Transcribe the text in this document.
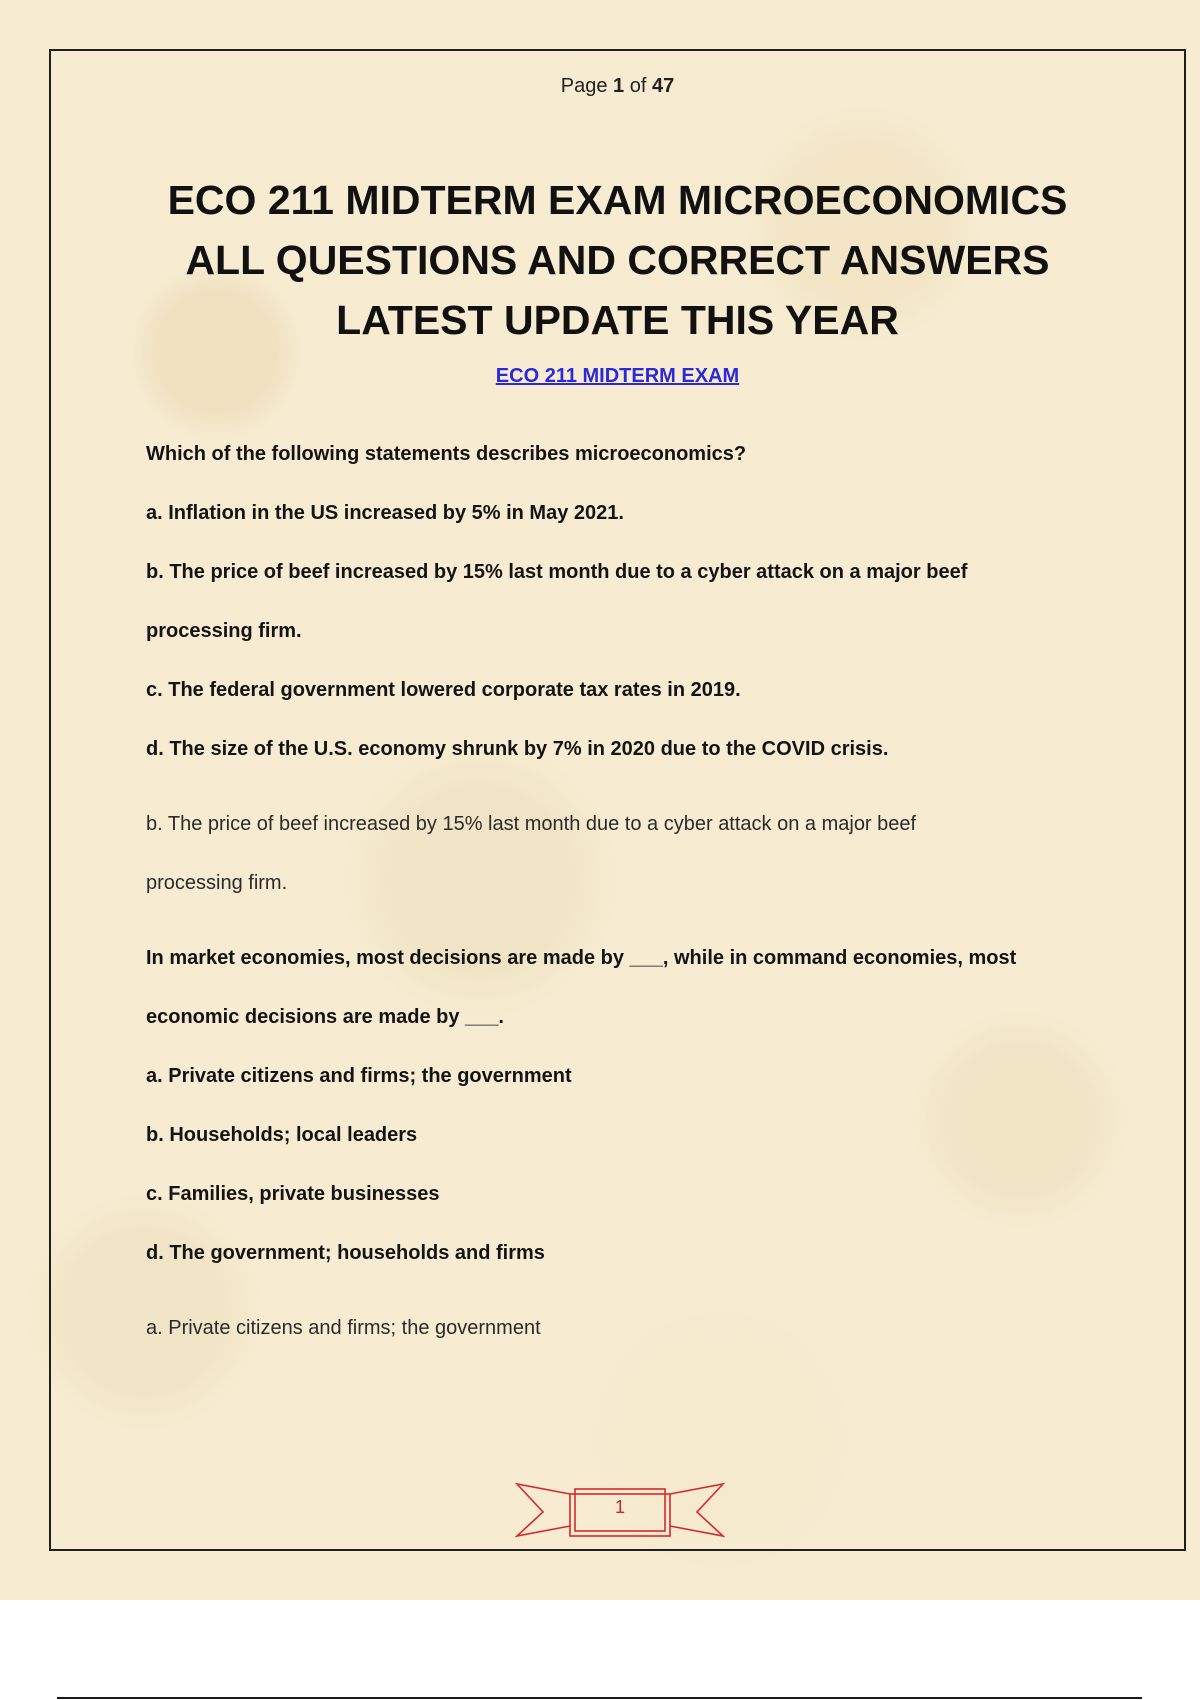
Page 1 of 47
ECO 211 MIDTERM EXAM MICROECONOMICS
ALL QUESTIONS AND CORRECT ANSWERS
LATEST UPDATE THIS YEAR
ECO 211 MIDTERM EXAM
Which of the following statements describes microeconomics?
a. Inflation in the US increased by 5% in May 2021.
b. The price of beef increased by 15% last month due to a cyber attack on a major beef
processing firm.
c. The federal government lowered corporate tax rates in 2019.
d. The size of the U.S. economy shrunk by 7% in 2020 due to the COVID crisis.
b. The price of beef increased by 15% last month due to a cyber attack on a major beef
processing firm.
In market economies, most decisions are made by ___, while in command economies, most
economic decisions are made by ___.
a. Private citizens and firms; the government
b. Households; local leaders
c. Families, private businesses
d. The government; households and firms
a. Private citizens and firms; the government
1
